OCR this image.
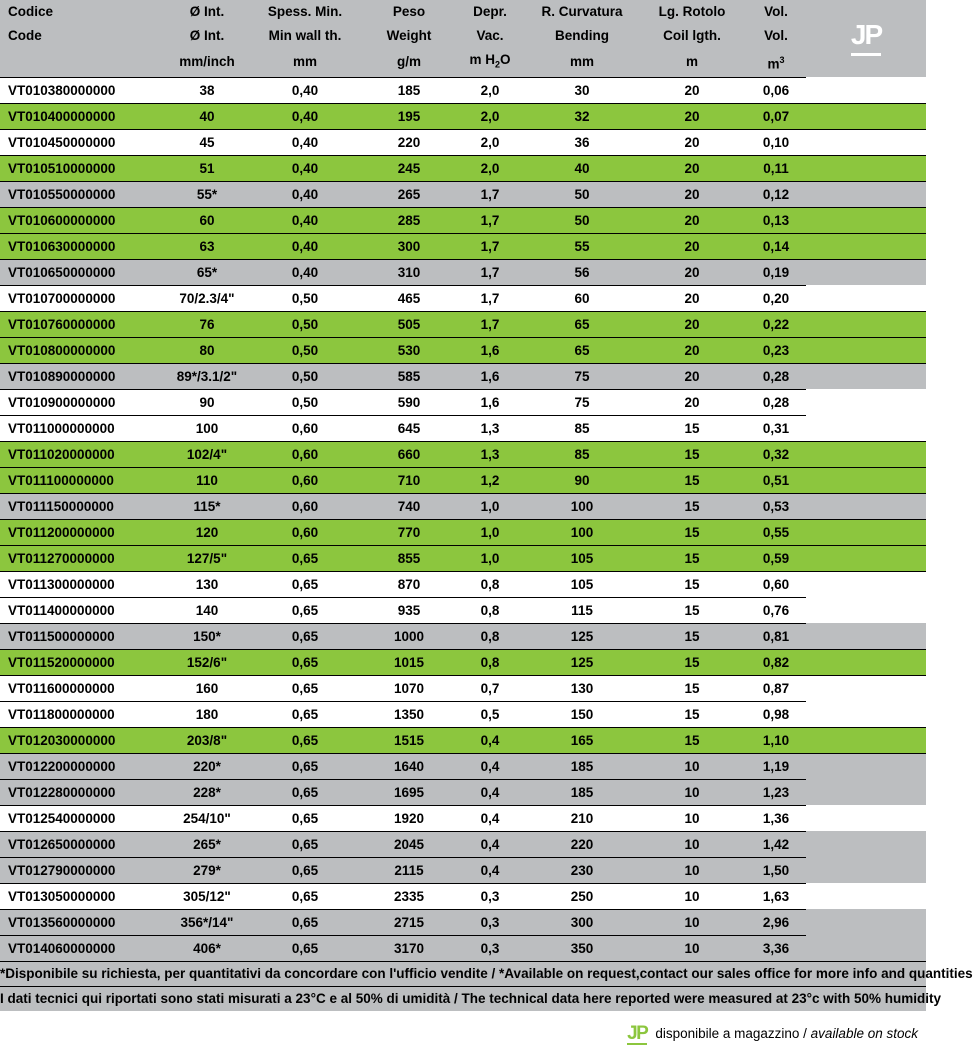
Codice	Ø Int.	Spess. Min.	Peso	Depr.	R. Curvatura	Lg. Rotolo	Vol.	JP

Code	Ø Int.	Min wall th.	Weight	Vac.	Bending	Coil lgth.	Vol.	
	mm/inch	mm	g/m	m $H_2O$	mm	m	$m^3$
VT010380000000	38	0,40	185	2,0	30	20	0,06	
VT010400000000	40	0,40	195	2,0	32	20	0,07	
VT010450000000	45	0,40	220	2,0	36	20	0,10	
VT010510000000	51	0,40	245	2,0	40	20	0,11	
VT010550000000	55*	0,40	265	1,7	50	20	0,12	
VT010600000000	60	0,40	285	1,7	50	20	0,13	
VT010630000000	63	0,40	300	1,7	55	20	0,14	
VT010650000000	65*	0,40	310	1,7	56	20	0,19	
VT010700000000	70/2.3/4"	0,50	465	1,7	60	20	0,20	
VT010760000000	76	0,50	505	1,7	65	20	0,22	
VT010800000000	80	0,50	530	1,6	65	20	0,23	
VT010890000000	89*/3.1/2"	0,50	585	1,6	75	20	0,28	
VT010900000000	90	0,50	590	1,6	75	20	0,28	
VT011000000000	100	0,60	645	1,3	85	15	0,31	
VT011020000000	102/4"	0,60	660	1,3	85	15	0,32	
VT011100000000	110	0,60	710	1,2	90	15	0,51	
VT011150000000	115*	0,60	740	1,0	100	15	0,53	
VT011200000000	120	0,60	770	1,0	100	15	0,55	
VT011270000000	127/5"	0,65	855	1,0	105	15	0,59	
VT011300000000	130	0,65	870	0,8	105	15	0,60	
VT011400000000	140	0,65	935	0,8	115	15	0,76	
VT011500000000	150*	0,65	1000	0,8	125	15	0,81	
VT011520000000	152/6"	0,65	1015	0,8	125	15	0,82	
VT011600000000	160	0,65	1070	0,7	130	15	0,87	
VT011800000000	180	0,65	1350	0,5	150	15	0,98	
VT012030000000	203/8"	0,65	1515	0,4	165	15	1,10	
VT012200000000	220*	0,65	1640	0,4	185	10	1,19	
VT012280000000	228*	0,65	1695	0,4	185	10	1,23	
VT012540000000	254/10"	0,65	1920	0,4	210	10	1,36	
VT012650000000	265*	0,65	2045	0,4	220	10	1,42	
VT012790000000	279*	0,65	2115	0,4	230	10	1,50	
VT013050000000	305/12"	0,65	2335	0,3	250	10	1,63	
VT013560000000	356*/14"	0,65	2715	0,3	300	10	2,96	
VT014060000000	406*	0,65	3170	0,3	350	10	3,36	
*Disponibile su richiesta, per quantitativi da concordare con l'ufficio vendite / *Available on request,contact our sales office for more info and quantities								
I dati tecnici qui riportati sono stati misurati a 23°C e al 50% di umidità / The technical data here reported were measured at 23°c with 50% humidity								
JP disponibile a magazzino / available on stock
